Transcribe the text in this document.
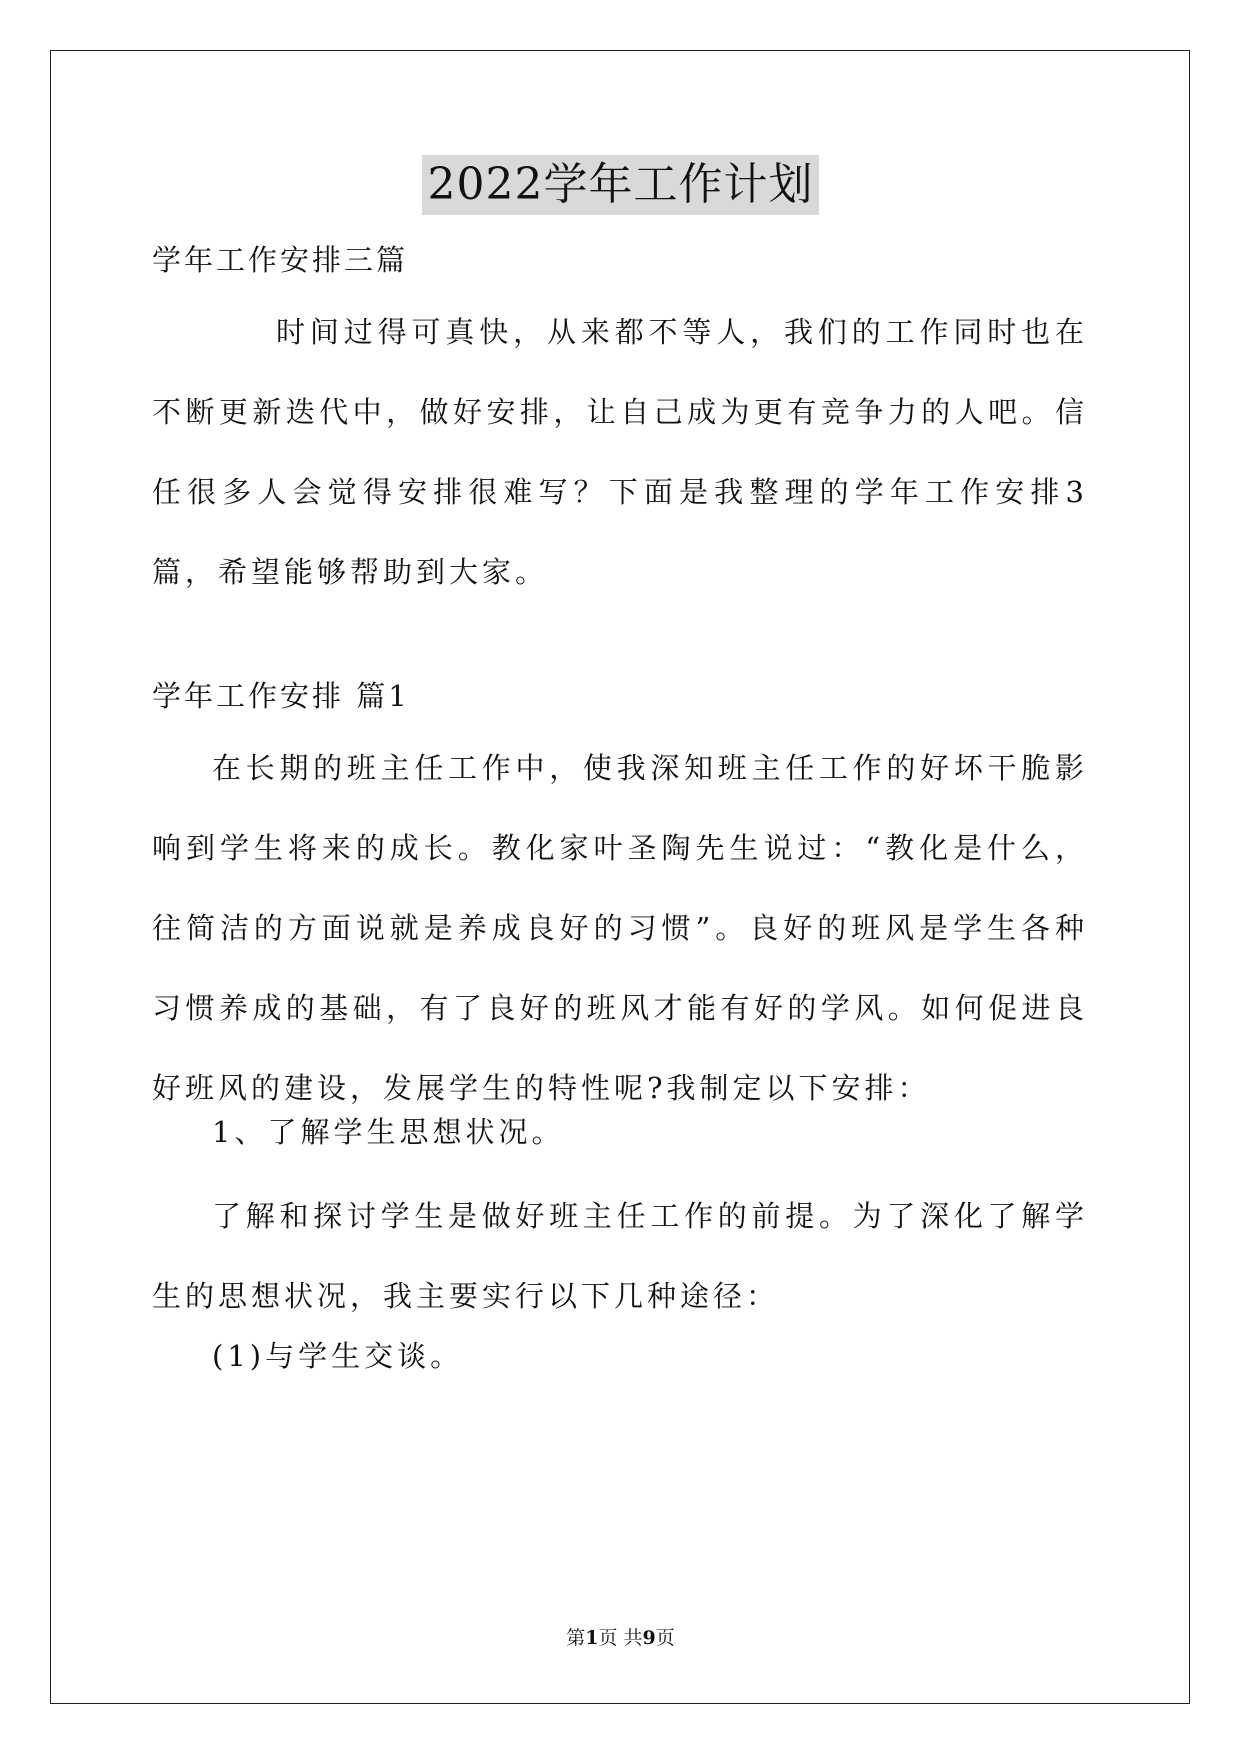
2022学年工作计划

学年工作安排三篇

时间过得可真快，从来都不等人，我们的工作同时也在不断更新迭代中，做好安排，让自己成为更有竞争力的人吧。信任很多人会觉得安排很难写？下面是我整理的学年工作安排3篇，希望能够帮助到大家。

学年工作安排 篇1

在长期的班主任工作中，使我深知班主任工作的好坏干脆影响到学生将来的成长。教化家叶圣陶先生说过：“教化是什么，往简洁的方面说就是养成良好的习惯”。良好的班风是学生各种习惯养成的基础，有了良好的班风才能有好的学风。如何促进良好班风的建设，发展学生的特性呢?我制定以下安排：

1、了解学生思想状况。

了解和探讨学生是做好班主任工作的前提。为了深化了解学生的思想状况，我主要实行以下几种途径：

(1)与学生交谈。

第1页 共9页
